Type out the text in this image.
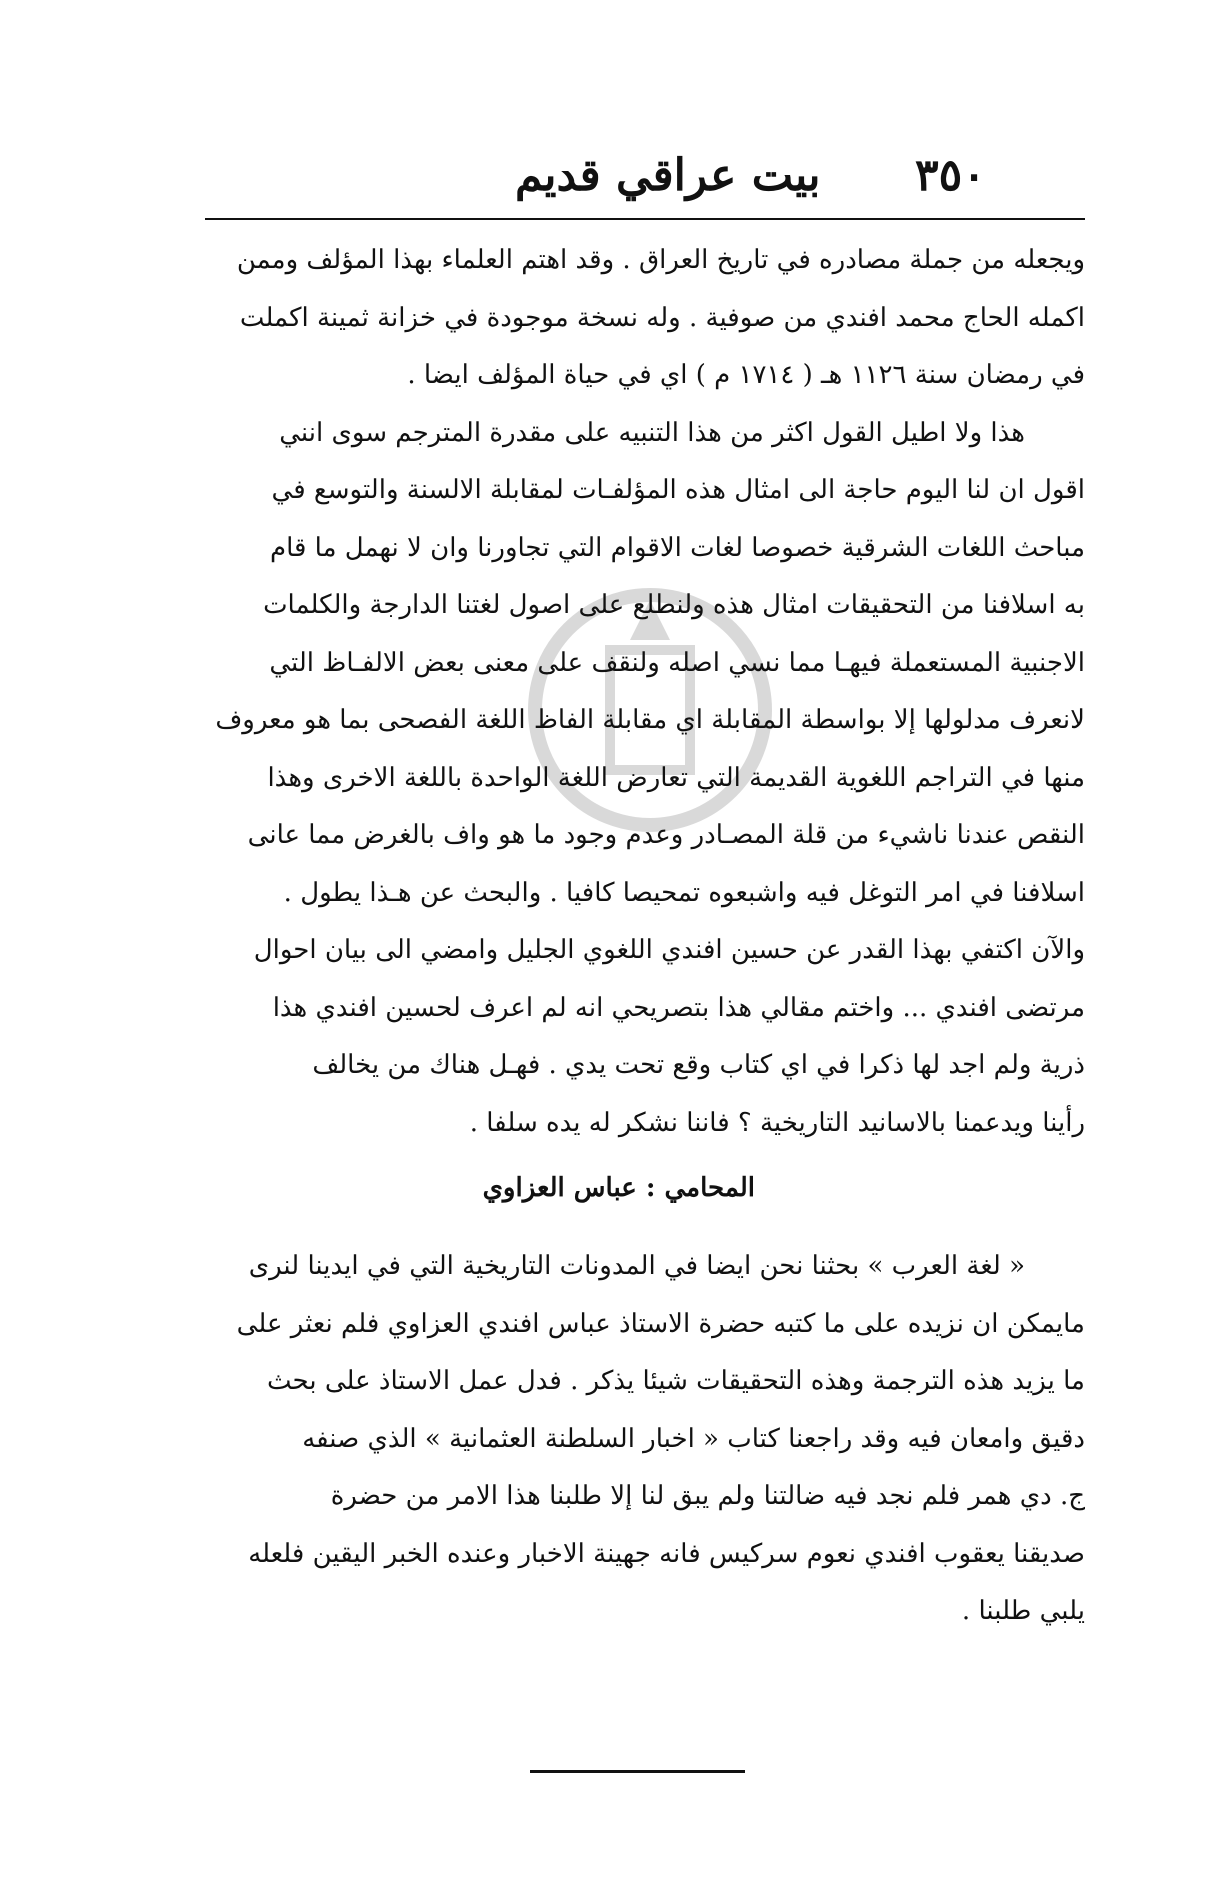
٣٥٠
بيت عراقي قديم
ويجعله من جملة مصادره في تاريخ العراق . وقد اهتم العلماء بهذا المؤلف وممن
اكمله الحاج محمد افندي من صوفية . وله نسخة موجودة في خزانة ثمينة اكملت
في رمضان سنة ١١٢٦ هـ ( ١٧١٤ م ) اي في حياة المؤلف ايضا .
هذا ولا اطيل القول اكثر من هذا التنبيه على مقدرة المترجم سوى انني
اقول ان لنا اليوم حاجة الى امثال هذه المؤلفـات لمقابلة الالسنة والتوسع في
مباحث اللغات الشرقية خصوصا لغات الاقوام التي تجاورنا وان لا نهمل ما قام
به اسلافنا من التحقيقات امثال هذه ولنطلع على اصول لغتنا الدارجة والكلمات
الاجنبية المستعملة فيهـا مما نسي اصله ولنقف على معنى بعض الالفـاظ التي
لانعرف مدلولها إلا بواسطة المقابلة اي مقابلة الفاظ اللغة الفصحى بما هو معروف
منها في التراجم اللغوية القديمة التي تعارض اللغة الواحدة باللغة الاخرى وهذا
النقص عندنا ناشيء من قلة المصـادر وعدم وجود ما هو واف بالغرض مما عانى
اسلافنا في امر التوغل فيه واشبعوه تمحيصا كافيا . والبحث عن هـذا يطول .
والآن اكتفي بهذا القدر عن حسين افندي اللغوي الجليل وامضي الى بيان احوال
مرتضى افندي ... واختم مقالي هذا بتصريحي انه لم اعرف لحسين افندي هذا
ذرية ولم اجد لها ذكرا في اي كتاب وقع تحت يدي . فهـل هناك من يخالف
رأينا ويدعمنا بالاسانيد التاريخية ؟ فاننا نشكر له يده سلفا .
المحامي : عباس العزاوي
« لغة العرب » بحثنا نحن ايضا في المدونات التاريخية التي في ايدينا لنرى
مايمكن ان نزيده على ما كتبه حضرة الاستاذ عباس افندي العزاوي فلم نعثر على
ما يزيد هذه الترجمة وهذه التحقيقات شيئا يذكر . فدل عمل الاستاذ على بحث
دقيق وامعان فيه وقد راجعنا كتاب « اخبار السلطنة العثمانية » الذي صنفه
ج. دي همر فلم نجد فيه ضالتنا ولم يبق لنا إلا طلبنا هذا الامر من حضرة
صديقنا يعقوب افندي نعوم سركيس فانه جهينة الاخبار وعنده الخبر اليقين فلعله
يلبي طلبنا .
